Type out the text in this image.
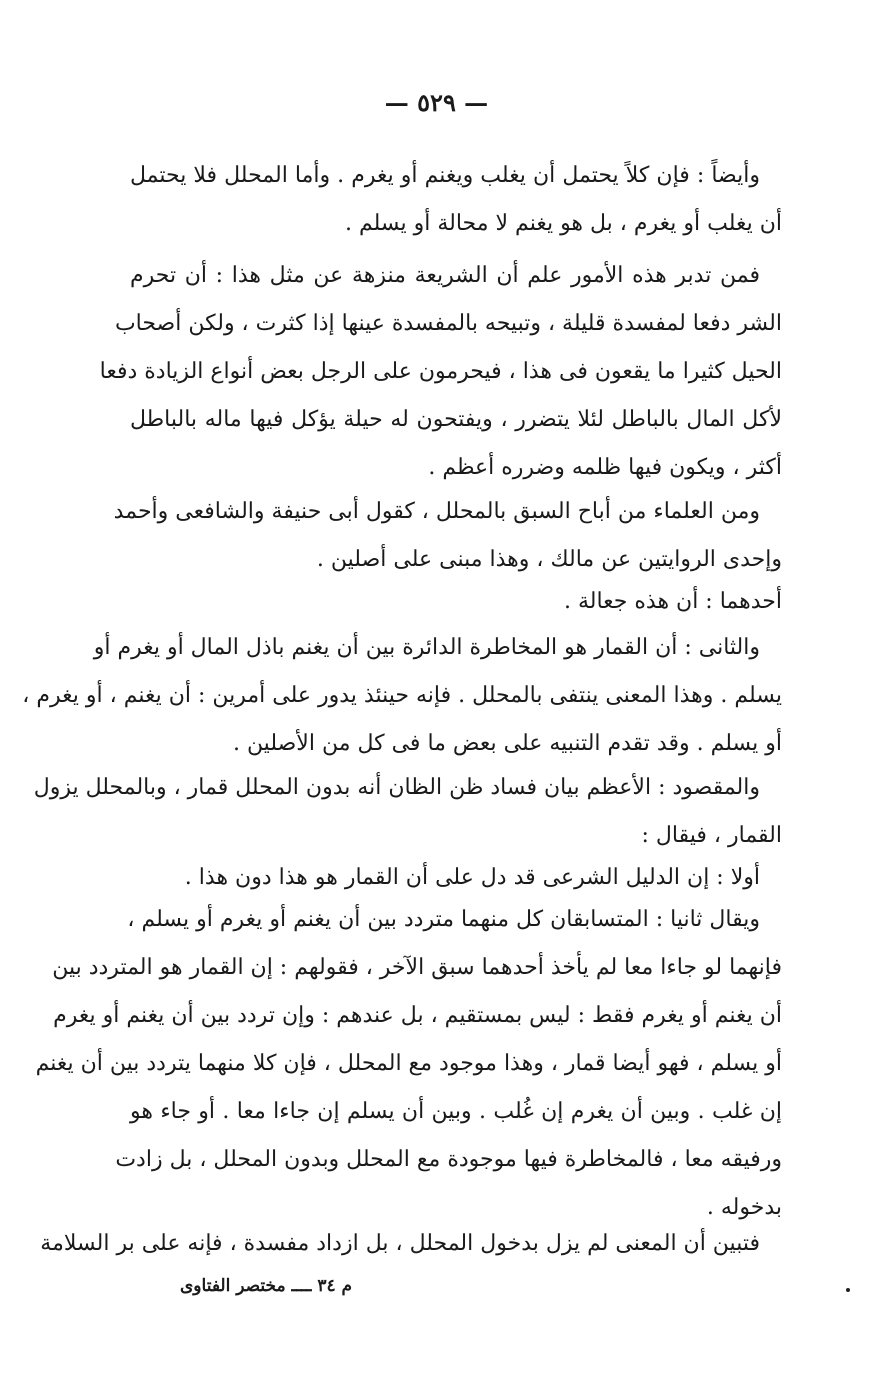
— ٥٢٩ —
وأيضاً : فإن كلاً يحتمل أن يغلب ويغنم أو يغرم . وأما المحلل فلا يحتمل
أن يغلب أو يغرم ، بل هو يغنم لا محالة أو يسلم .
فمن تدبر هذه الأمور علم أن الشريعة منزهة عن مثل هذا : أن تحرم
الشر دفعا لمفسدة قليلة ، وتبيحه بالمفسدة عينها إذا كثرت ، ولكن أصحاب
الحيل كثيرا ما يقعون فى هذا ، فيحرمون على الرجل بعض أنواع الزيادة دفعا
لأكل المال بالباطل لئلا يتضرر ، ويفتحون له حيلة يؤكل فيها ماله بالباطل
أكثر ، ويكون فيها ظلمه وضرره أعظم .
ومن العلماء من أباح السبق بالمحلل ، كقول أبى حنيفة والشافعى وأحمد
وإحدى الروايتين عن مالك ، وهذا مبنى على أصلين .
أحدهما : أن هذه جعالة .
والثانى : أن القمار هو المخاطرة الدائرة بين أن يغنم باذل المال أو يغرم أو
يسلم . وهذا المعنى ينتفى بالمحلل . فإنه حينئذ يدور على أمرين : أن يغنم ، أو يغرم ،
أو يسلم . وقد تقدم التنبيه على بعض ما فى كل من الأصلين .
والمقصود : الأعظم بيان فساد ظن الظان أنه بدون المحلل قمار ، وبالمحلل يزول
القمار ، فيقال :
أولا : إن الدليل الشرعى قد دل على أن القمار هو هذا دون هذا .
ويقال ثانيا : المتسابقان كل منهما متردد بين أن يغنم أو يغرم أو يسلم ،
فإنهما لو جاءا معا لم يأخذ أحدهما سبق الآخر ، فقولهم : إن القمار هو المتردد بين
أن يغنم أو يغرم فقط : ليس بمستقيم ، بل عندهم : وإن تردد بين أن يغنم أو يغرم
أو يسلم ، فهو أيضا قمار ، وهذا موجود مع المحلل ، فإن كلا منهما يتردد بين أن يغنم
إن غلب . وبين أن يغرم إن غُلب . وبين أن يسلم إن جاءا معا . أو جاء هو
ورفيقه معا ، فالمخاطرة فيها موجودة مع المحلل وبدون المحلل ، بل زادت
بدخوله .
فتبين أن المعنى لم يزل بدخول المحلل ، بل ازداد مفسدة ، فإنه على بر السلامة
م ٣٤ ــــ مختصر الفتاوى
